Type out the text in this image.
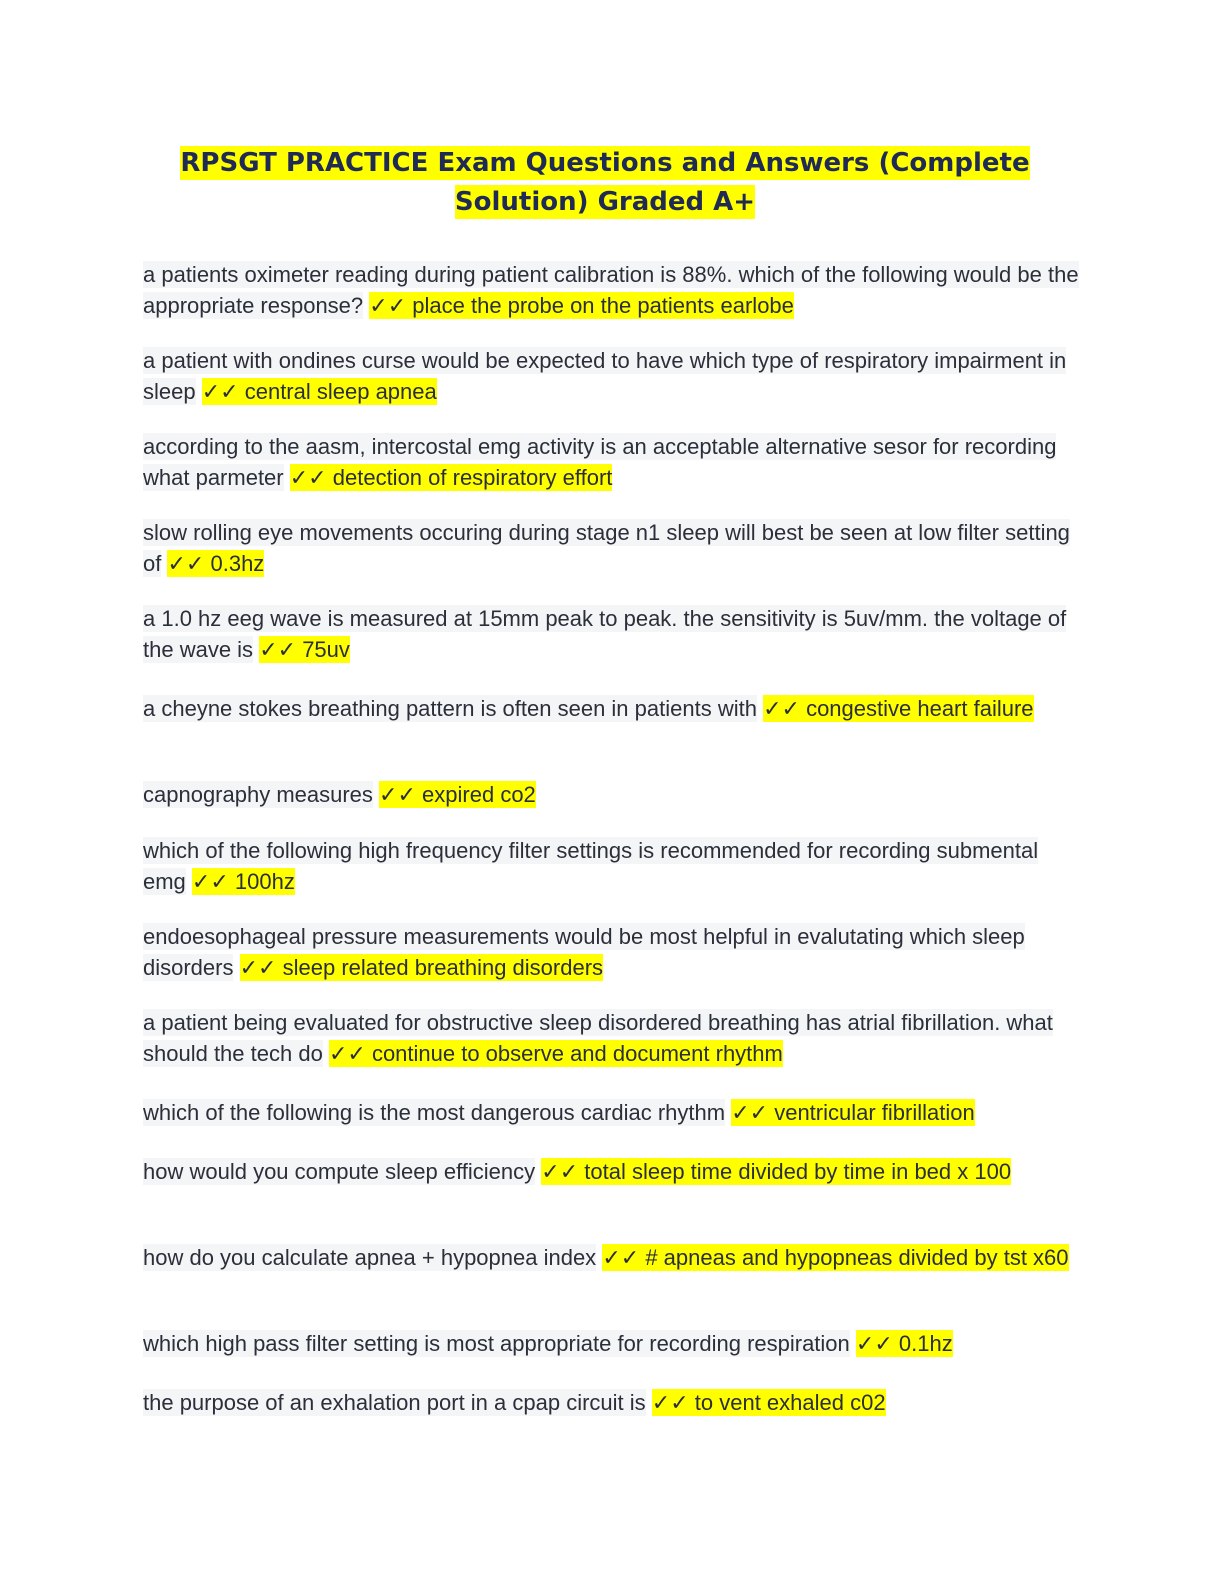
RPSGT PRACTICE Exam Questions and Answers (Complete Solution) Graded A+
a patients oximeter reading during patient calibration is 88%. which of the following would be the appropriate response? ✓✓ place the probe on the patients earlobe
a patient with ondines curse would be expected to have which type of respiratory impairment in sleep ✓✓ central sleep apnea
according to the aasm, intercostal emg activity is an acceptable alternative sesor for recording what parmeter ✓✓ detection of respiratory effort
slow rolling eye movements occuring during stage n1 sleep will best be seen at low filter setting of ✓✓ 0.3hz
a 1.0 hz eeg wave is measured at 15mm peak to peak. the sensitivity is 5uv/mm. the voltage of the wave is ✓✓ 75uv
a cheyne stokes breathing pattern is often seen in patients with ✓✓ congestive heart failure
capnography measures ✓✓ expired co2
which of the following high frequency filter settings is recommended for recording submental emg ✓✓ 100hz
endoesophageal pressure measurements would be most helpful in evalutating which sleep disorders ✓✓ sleep related breathing disorders
a patient being evaluated for obstructive sleep disordered breathing has atrial fibrillation. what should the tech do ✓✓ continue to observe and document rhythm
which of the following is the most dangerous cardiac rhythm ✓✓ ventricular fibrillation
how would you compute sleep efficiency ✓✓ total sleep time divided by time in bed x 100
how do you calculate apnea + hypopnea index ✓✓ # apneas and hypopneas divided by tst x60
which high pass filter setting is most appropriate for recording respiration ✓✓ 0.1hz
the purpose of an exhalation port in a cpap circuit is ✓✓ to vent exhaled c02
